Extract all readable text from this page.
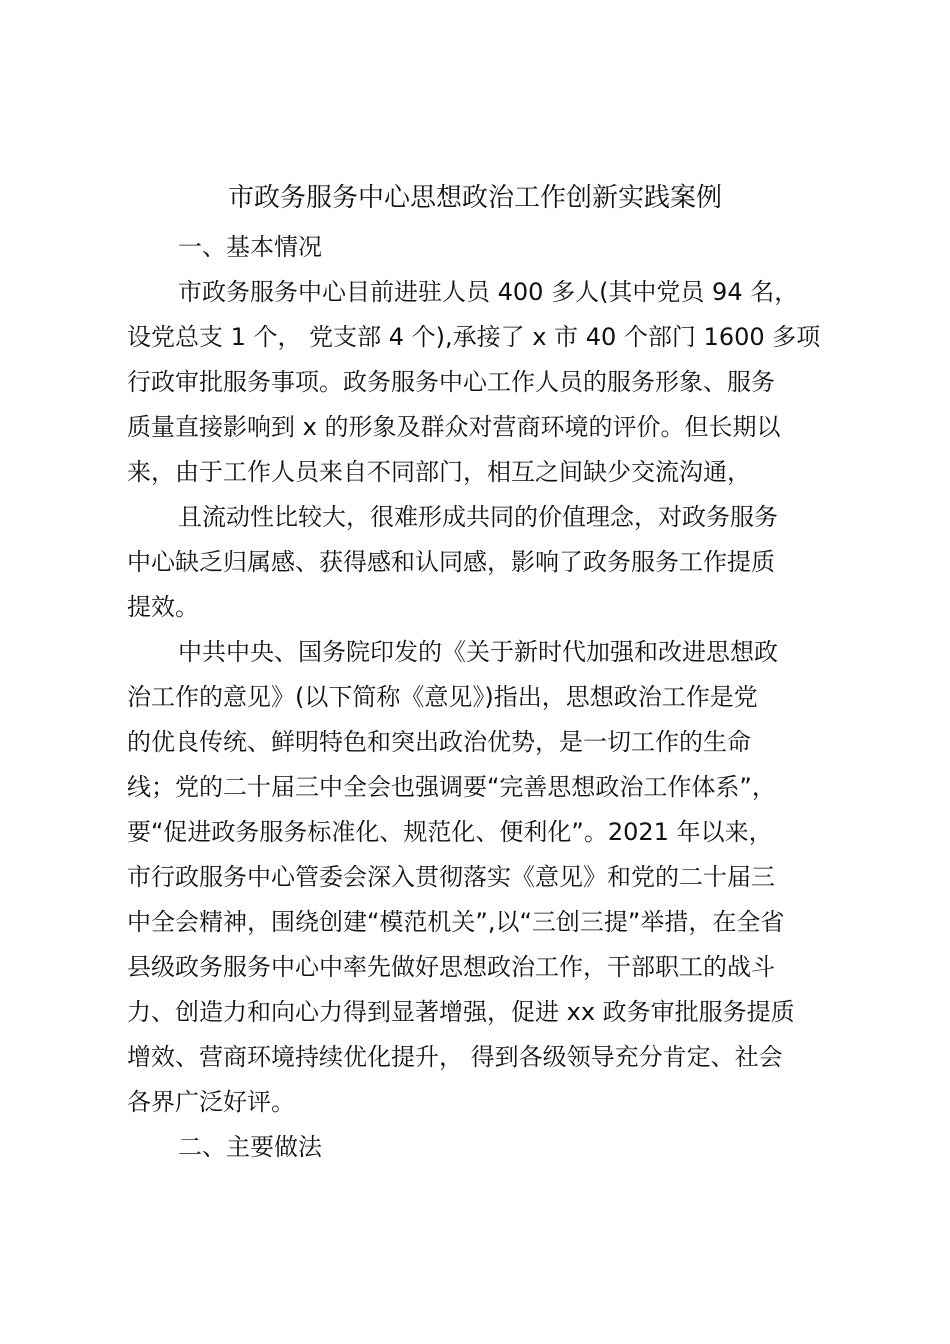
市政务服务中心思想政治工作创新实践案例
一、基本情况
市政务服务中心目前进驻人员 400 多人(其中党员 94 名，
设党总支 1 个， 党支部 4 个),承接了 x 市 40 个部门 1600 多项
行政审批服务事项。政务服务中心工作人员的服务形象、服务
质量直接影响到 x 的形象及群众对营商环境的评价。但长期以
来，由于工作人员来自不同部门，相互之间缺少交流沟通，
且流动性比较大，很难形成共同的价值理念，对政务服务
中心缺乏归属感、获得感和认同感，影响了政务服务工作提质
提效。
中共中央、国务院印发的《关于新时代加强和改进思想政
治工作的意见》(以下简称《意见》)指出，思想政治工作是党
的优良传统、鲜明特色和突出政治优势，是一切工作的生命
线；党的二十届三中全会也强调要“完善思想政治工作体系”，
要“促进政务服务标准化、规范化、便利化”。2021 年以来，
市行政服务中心管委会深入贯彻落实《意见》和党的二十届三
中全会精神，围绕创建“模范机关”,以“三创三提”举措，在全省
县级政务服务中心中率先做好思想政治工作，干部职工的战斗
力、创造力和向心力得到显著增强，促进 xx 政务审批服务提质
增效、营商环境持续优化提升， 得到各级领导充分肯定、社会
各界广泛好评。
二、主要做法
